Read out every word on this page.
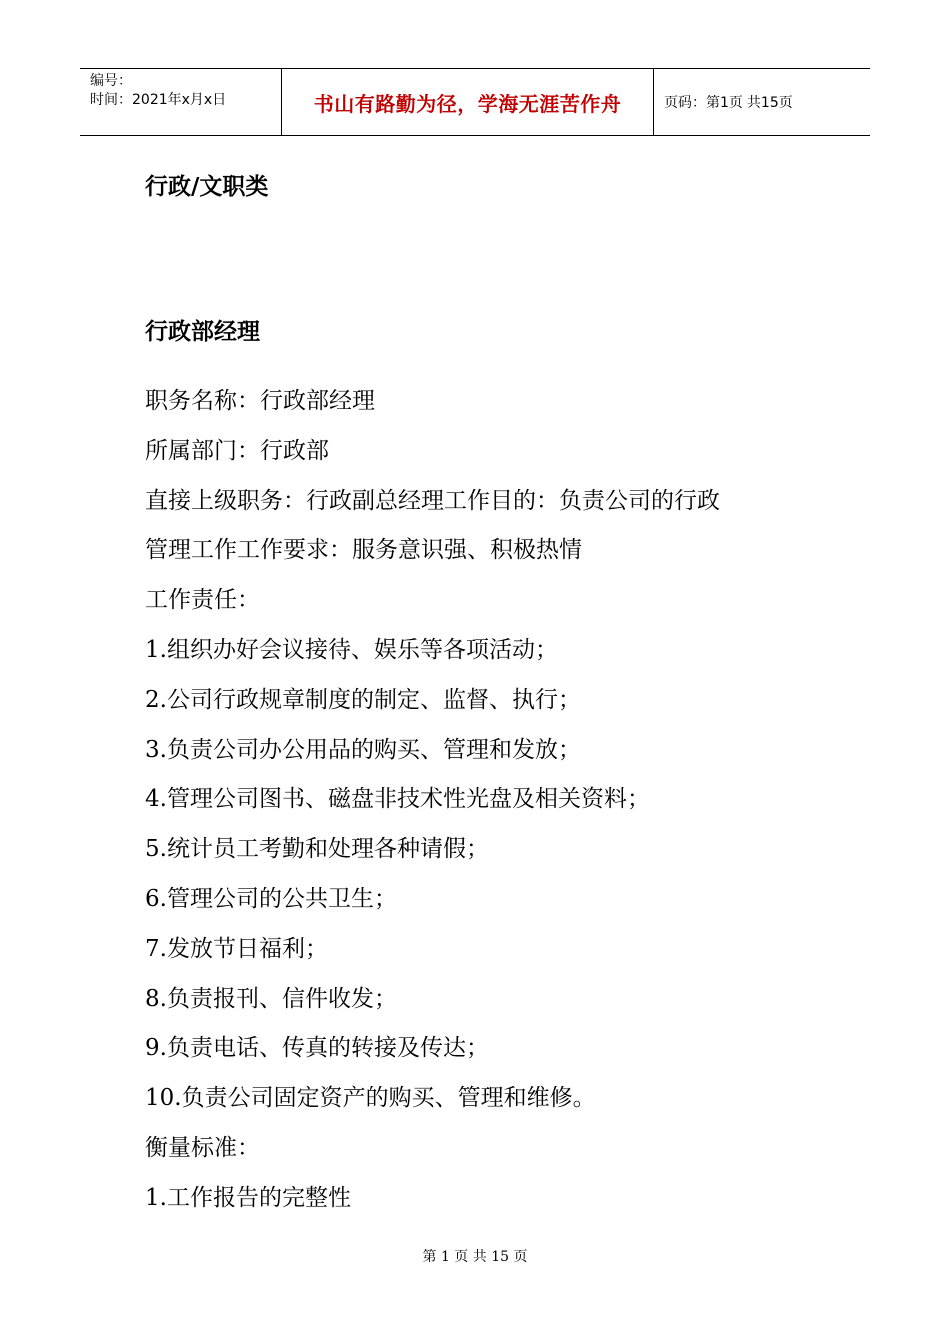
编号：
时间：2021年x月x日	书山有路勤为径，学海无涯苦作舟	页码：第1页 共15页
行政/文职类
行政部经理
职务名称：行政部经理
所属部门：行政部
直接上级职务：行政副总经理工作目的：负责公司的行政
管理工作工作要求：服务意识强、积极热情
工作责任：
1.组织办好会议接待、娱乐等各项活动；
2.公司行政规章制度的制定、监督、执行；
3.负责公司办公用品的购买、管理和发放；
4.管理公司图书、磁盘非技术性光盘及相关资料；
5.统计员工考勤和处理各种请假；
6.管理公司的公共卫生；
7.发放节日福利；
8.负责报刊、信件收发；
9.负责电话、传真的转接及传达；
10.负责公司固定资产的购买、管理和维修。
衡量标准：
1.工作报告的完整性
第 1 页 共 15 页
